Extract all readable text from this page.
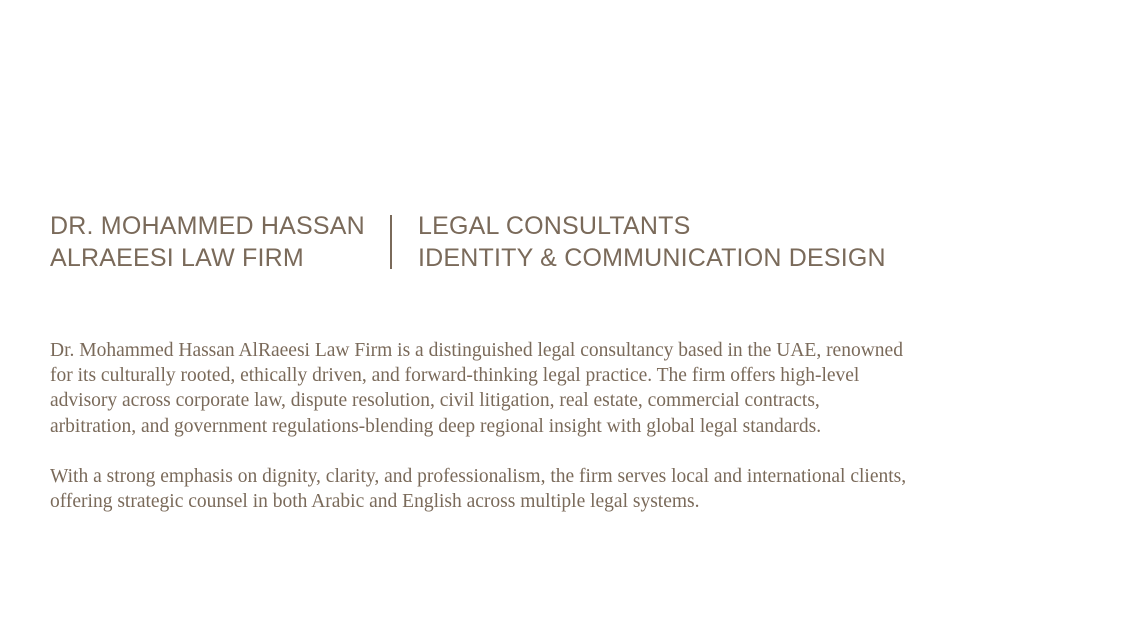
DR. MOHAMMED HASSAN
ALRAEESI LAW FIRM
LEGAL CONSULTANTS
IDENTITY & COMMUNICATION DESIGN

Dr. Mohammed Hassan AlRaeesi Law Firm is a distinguished legal consultancy based in the UAE, renowned for its culturally rooted, ethically driven, and forward-thinking legal practice. The firm offers high-level advisory across corporate law, dispute resolution, civil litigation, real estate, commercial contracts, arbitration, and government regulations-blending deep regional insight with global legal standards.

With a strong emphasis on dignity, clarity, and professionalism, the firm serves local and international clients, offering strategic counsel in both Arabic and English across multiple legal systems.
